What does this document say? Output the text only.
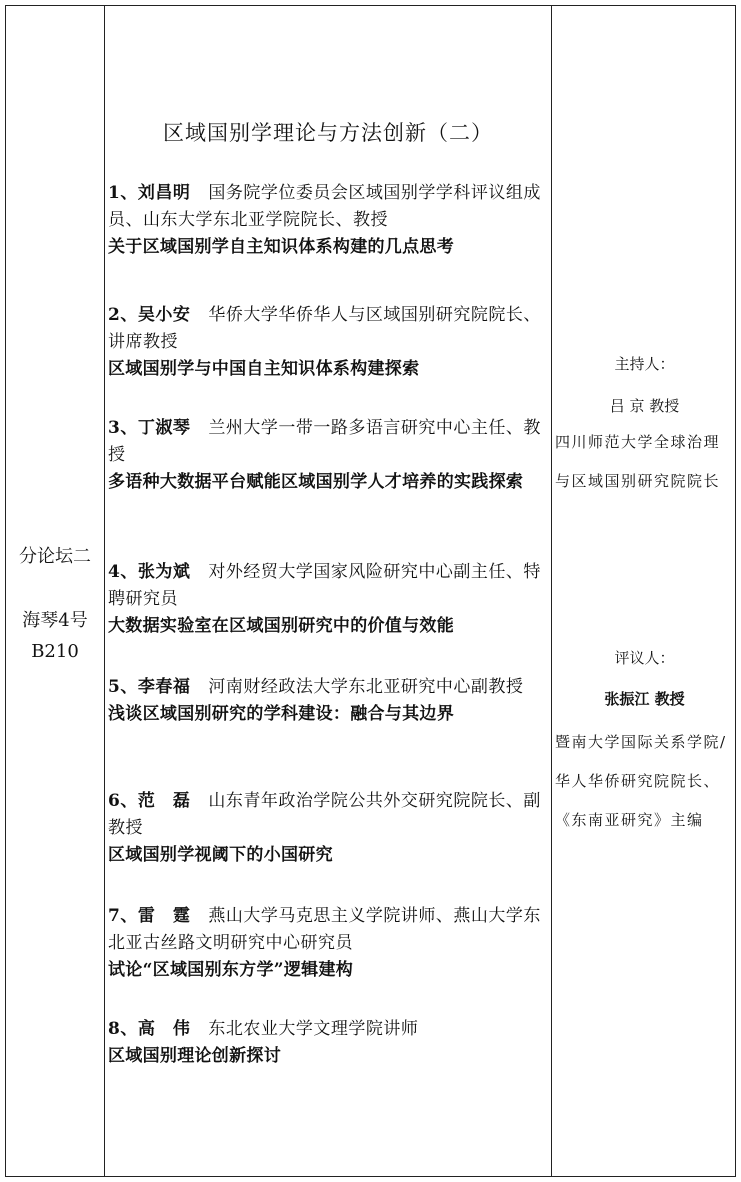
分论坛二
海琴4号
B210
区域国别学理论与方法创新（二）
1、刘昌明 国务院学位委员会区域国别学学科评议组成员、山东大学东北亚学院院长、教授
关于区域国别学自主知识体系构建的几点思考
2、吴小安 华侨大学华侨华人与区域国别研究院院长、讲席教授
区域国别学与中国自主知识体系构建探索
3、丁淑琴 兰州大学一带一路多语言研究中心主任、教授
多语种大数据平台赋能区域国别学人才培养的实践探索
4、张为斌 对外经贸大学国家风险研究中心副主任、特聘研究员
大数据实验室在区域国别研究中的价值与效能
5、李春福 河南财经政法大学东北亚研究中心副教授
浅谈区域国别研究的学科建设：融合与其边界
6、范　磊 山东青年政治学院公共外交研究院院长、副教授
区域国别学视阈下的小国研究
7、雷　霆 燕山大学马克思主义学院讲师、燕山大学东北亚古丝路文明研究中心研究员
试论“区域国别东方学”逻辑建构
8、高　伟 东北农业大学文理学院讲师
区域国别理论创新探讨
主持人：
吕 京 教授
四川师范大学全球治理与区域国别研究院院长
评议人：
张振江 教授
暨南大学国际关系学院/华人华侨研究院院长、《东南亚研究》主编
